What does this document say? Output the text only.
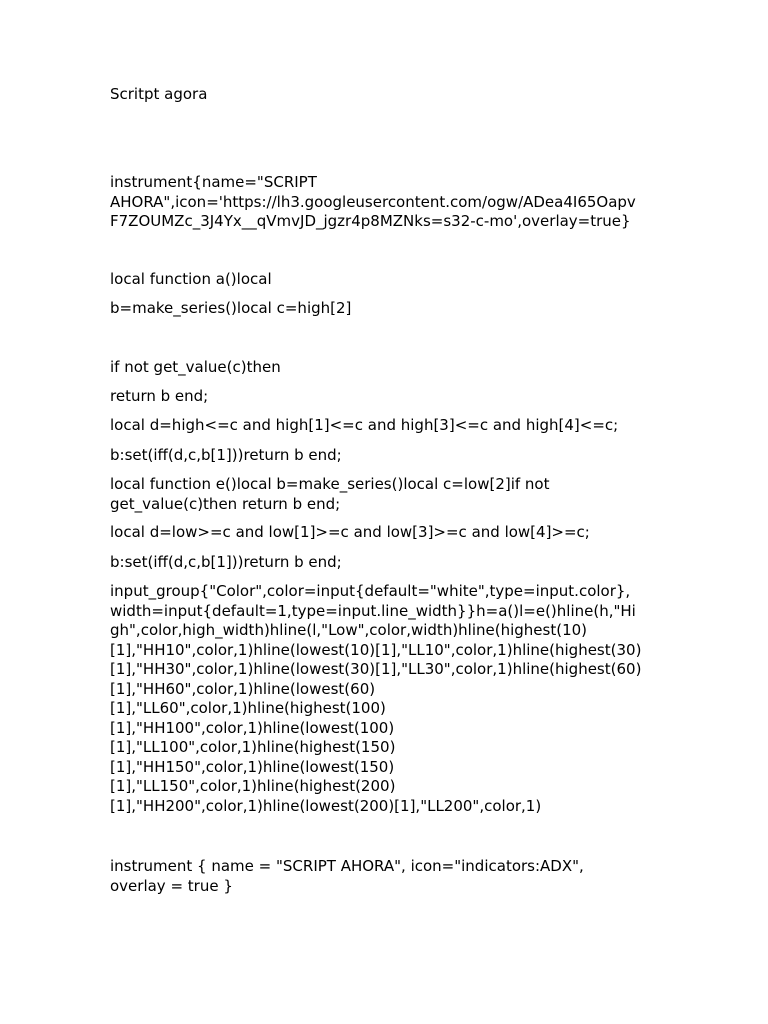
Scritpt agora
instrument{name="SCRIPT
AHORA",icon='https://lh3.googleusercontent.com/ogw/ADea4I65Oapv
F7ZOUMZc_3J4Yx__qVmvJD_jgzr4p8MZNks=s32-c-mo',overlay=true}
local function a()local
b=make_series()local c=high[2]
if not get_value(c)then
return b end;
local d=high<=c and high[1]<=c and high[3]<=c and high[4]<=c;
b:set(iff(d,c,b[1]))return b end;
local function e()local b=make_series()local c=low[2]if not
get_value(c)then return b end;
local d=low>=c and low[1]>=c and low[3]>=c and low[4]>=c;
b:set(iff(d,c,b[1]))return b end;
input_group{"Color",color=input{default="white",type=input.color},
width=input{default=1,type=input.line_width}}h=a()l=e()hline(h,"Hi
gh",color,high_width)hline(l,"Low",color,width)hline(highest(10)
[1],"HH10",color,1)hline(lowest(10)[1],"LL10",color,1)hline(highest(30)
[1],"HH30",color,1)hline(lowest(30)[1],"LL30",color,1)hline(highest(60)
[1],"HH60",color,1)hline(lowest(60)
[1],"LL60",color,1)hline(highest(100)
[1],"HH100",color,1)hline(lowest(100)
[1],"LL100",color,1)hline(highest(150)
[1],"HH150",color,1)hline(lowest(150)
[1],"LL150",color,1)hline(highest(200)
[1],"HH200",color,1)hline(lowest(200)[1],"LL200",color,1)
instrument { name = "SCRIPT AHORA", icon="indicators:ADX",
overlay = true }
